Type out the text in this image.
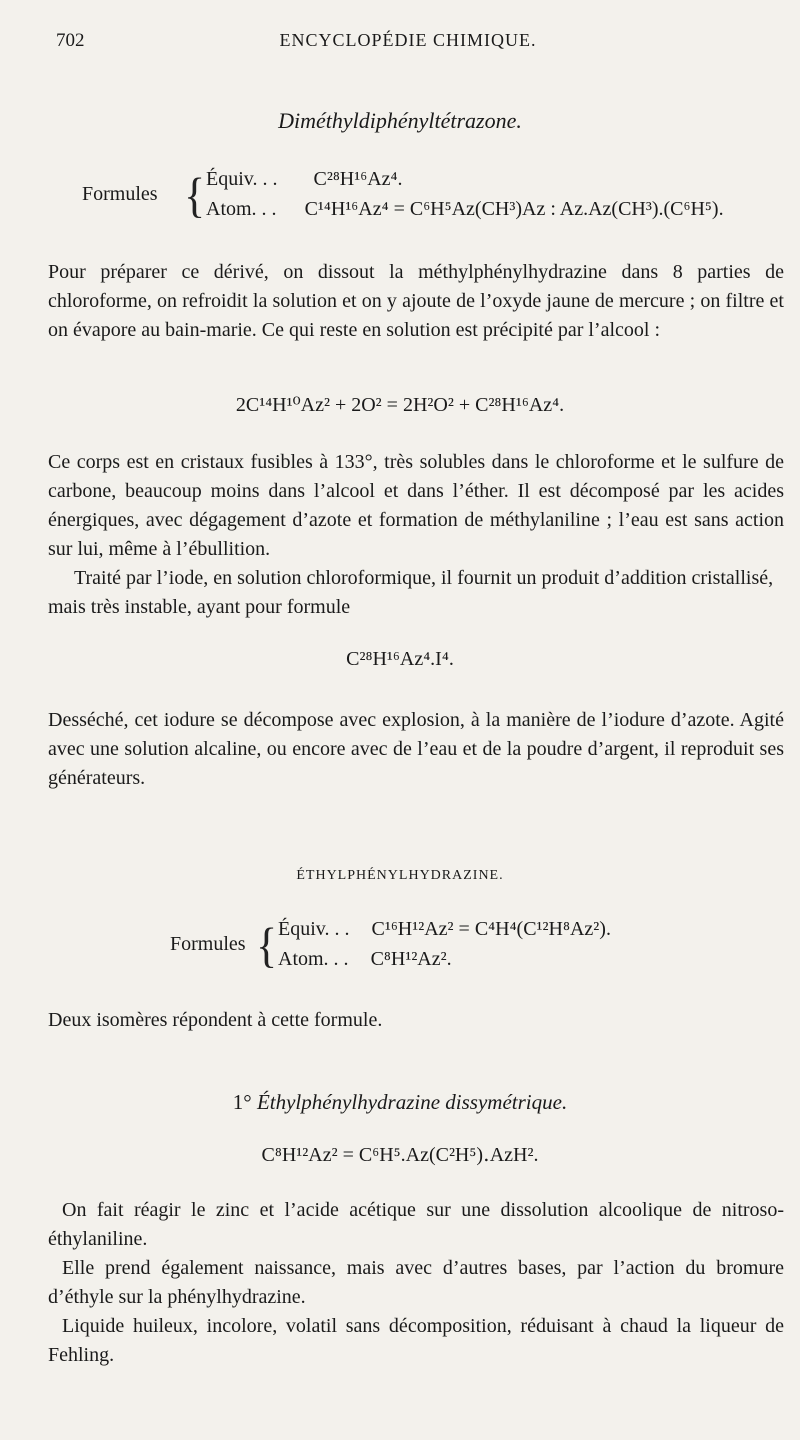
702	ENCYCLOPÉDIE CHIMIQUE.
Diméthyldiphényltétrazone.
Formules { Équiv. . . C²⁸H¹⁶Az⁴.
Atom. . . C¹⁴H¹⁶Az⁴ = C⁶H⁵Az(CH³)Az : Az.Az(CH³).(C⁶H⁵).

Pour préparer ce dérivé, on dissout la méthylphénylhydrazine dans 8 parties de chloroforme, on refroidit la solution et on y ajoute de l’oxyde jaune de mercure ; on filtre et on évapore au bain-marie. Ce qui reste en solution est précipité par l’alcool :

2C¹⁴H¹⁰Az² + 2O² = 2H²O² + C²⁸H¹⁶Az⁴.

Ce corps est en cristaux fusibles à 133°, très solubles dans le chloroforme et le sulfure de carbone, beaucoup moins dans l’alcool et dans l’éther. Il est décomposé par les acides énergiques, avec dégagement d’azote et formation de méthylaniline ; l’eau est sans action sur lui, même à l’ébullition.

Traité par l’iode, en solution chloroformique, il fournit un produit d’addition cristallisé, mais très instable, ayant pour formule

C²⁸H¹⁶Az⁴.I⁴.

Desséché, cet iodure se décompose avec explosion, à la manière de l’iodure d’azote. Agité avec une solution alcaline, ou encore avec de l’eau et de la poudre d’argent, il reproduit ses générateurs.

ÉTHYLPHÉNYLHYDRAZINE.
Formules { Équiv. . . C¹⁶H¹²Az² = C⁴H⁴(C¹²H⁸Az²).
Atom. . . C⁸H¹²Az².

Deux isomères répondent à cette formule.

1° Éthylphénylhydrazine dissymétrique.
C⁸H¹²Az² = C⁶H⁵.Az(C²H⁵)․AzH².

On fait réagir le zinc et l’acide acétique sur une dissolution alcoolique de nitroso-éthylaniline.

Elle prend également naissance, mais avec d’autres bases, par l’action du bromure d’éthyle sur la phénylhydrazine.

Liquide huileux, incolore, volatil sans décomposition, réduisant à chaud la liqueur de Fehling.
